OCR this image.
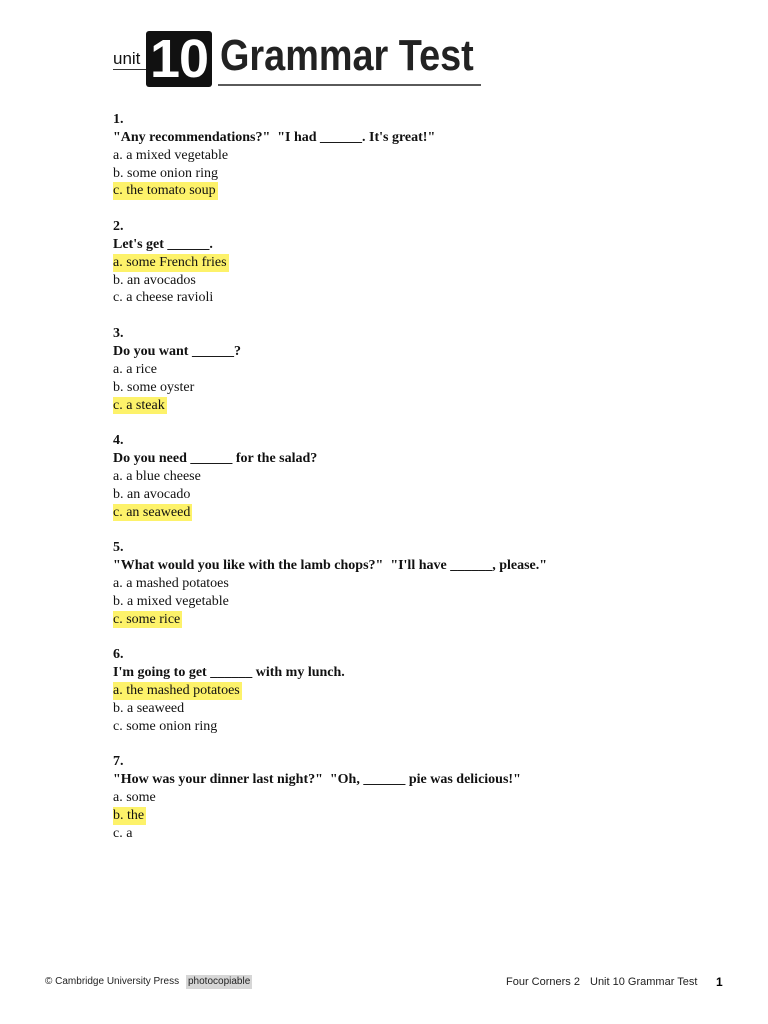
unit 10 Grammar Test
1.
"Any recommendations?"  "I had ______. It's great!"
a. a mixed vegetable
b. some onion ring
c. the tomato soup
2.
Let's get ______.
a. some French fries
b. an avocados
c. a cheese ravioli
3.
Do you want ______?
a. a rice
b. some oyster
c. a steak
4.
Do you need ______ for the salad?
a. a blue cheese
b. an avocado
c. an seaweed
5.
"What would you like with the lamb chops?"  "I'll have ______, please."
a. a mashed potatoes
b. a mixed vegetable
c. some rice
6.
I'm going to get ______ with my lunch.
a. the mashed potatoes
b. a seaweed
c. some onion ring
7.
"How was your dinner last night?"  "Oh, ______ pie was delicious!"
a. some
b. the
c. a
© Cambridge University Press photocopiable	Four Corners 2 Unit 10 Grammar Test 1
